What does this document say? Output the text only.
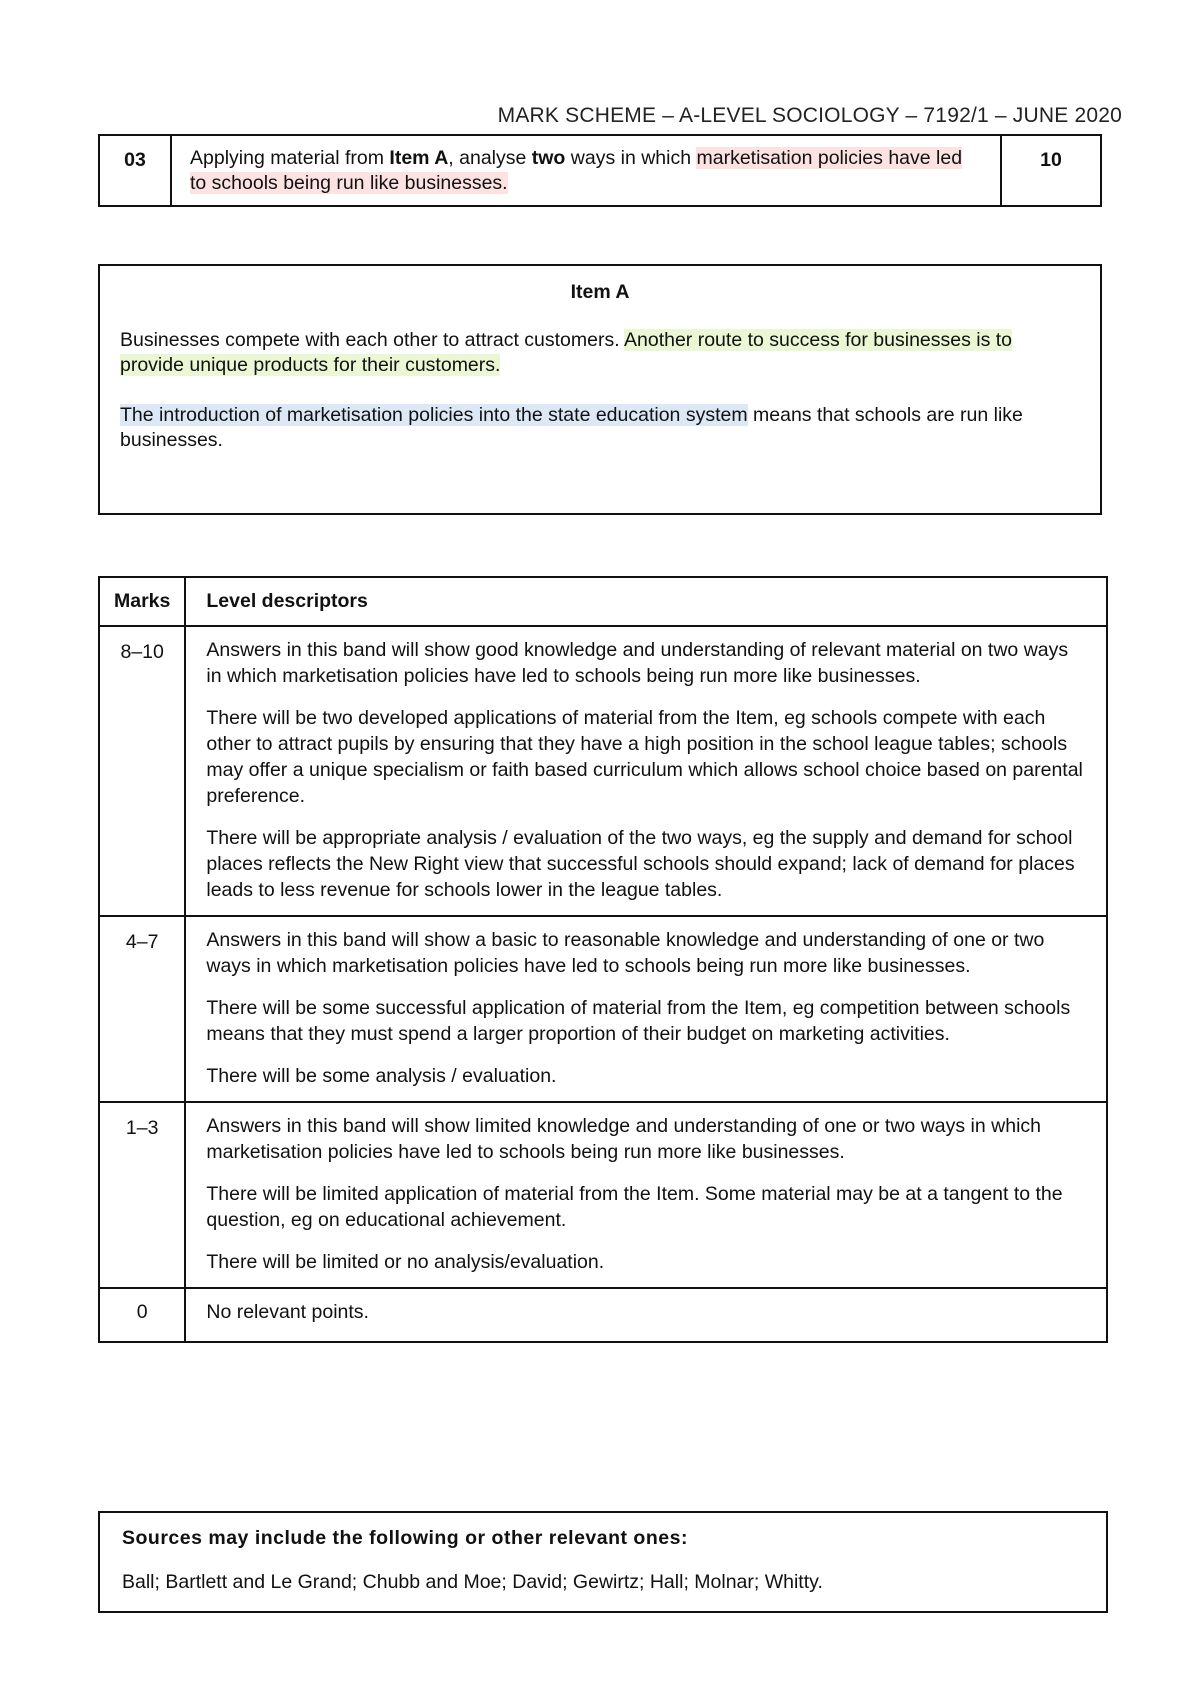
MARK SCHEME – A-LEVEL SOCIOLOGY – 7192/1 – JUNE 2020
03	Applying material from Item A, analyse two ways in which marketisation policies have led to schools being run like businesses.	10
Item A

Businesses compete with each other to attract customers. Another route to success for businesses is to provide unique products for their customers.

The introduction of marketisation policies into the state education system means that schools are run like businesses.

Marks	Level descriptors
8–10	Answers in this band will show good knowledge and understanding of relevant material on two ways in which marketisation policies have led to schools being run more like businesses.

There will be two developed applications of material from the Item, eg schools compete with each other to attract pupils by ensuring that they have a high position in the school league tables; schools may offer a unique specialism or faith based curriculum which allows school choice based on parental preference.

There will be appropriate analysis / evaluation of the two ways, eg the supply and demand for school places reflects the New Right view that successful schools should expand; lack of demand for places leads to less revenue for schools lower in the league tables.

4–7	Answers in this band will show a basic to reasonable knowledge and understanding of one or two ways in which marketisation policies have led to schools being run more like businesses.

There will be some successful application of material from the Item, eg competition between schools means that they must spend a larger proportion of their budget on marketing activities.

There will be some analysis / evaluation.

1–3	Answers in this band will show limited knowledge and understanding of one or two ways in which marketisation policies have led to schools being run more like businesses.

There will be limited application of material from the Item. Some material may be at a tangent to the question, eg on educational achievement.

There will be limited or no analysis/evaluation.

0	No relevant points.

Sources may include the following or other relevant ones:
Ball; Bartlett and Le Grand; Chubb and Moe; David; Gewirtz; Hall; Molnar; Whitty.
